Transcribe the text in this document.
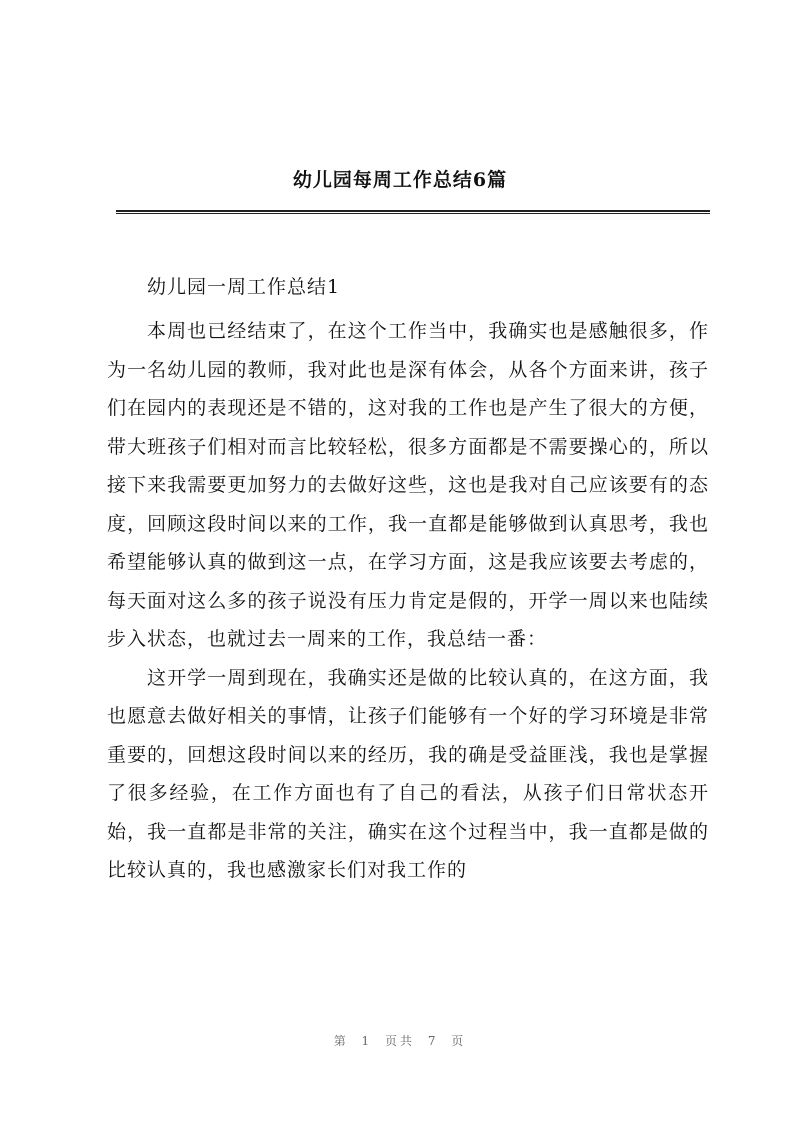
幼儿园每周工作总结6篇
幼儿园一周工作总结1

本周也已经结束了，在这个工作当中，我确实也是感触很多，作为一名幼儿园的教师，我对此也是深有体会，从各个方面来讲，孩子们在园内的表现还是不错的，这对我的工作也是产生了很大的方便，带大班孩子们相对而言比较轻松，很多方面都是不需要操心的，所以接下来我需要更加努力的去做好这些，这也是我对自己应该要有的态度，回顾这段时间以来的工作，我一直都是能够做到认真思考，我也希望能够认真的做到这一点，在学习方面，这是我应该要去考虑的，每天面对这么多的孩子说没有压力肯定是假的，开学一周以来也陆续步入状态，也就过去一周来的工作，我总结一番：

这开学一周到现在，我确实还是做的比较认真的，在这方面，我也愿意去做好相关的事情，让孩子们能够有一个好的学习环境是非常重要的，回想这段时间以来的经历，我的确是受益匪浅，我也是掌握了很多经验，在工作方面也有了自己的看法，从孩子们日常状态开始，我一直都是非常的关注，确实在这个过程当中，我一直都是做的比较认真的，我也感激家长们对我工作的

第 1 页共 7 页
